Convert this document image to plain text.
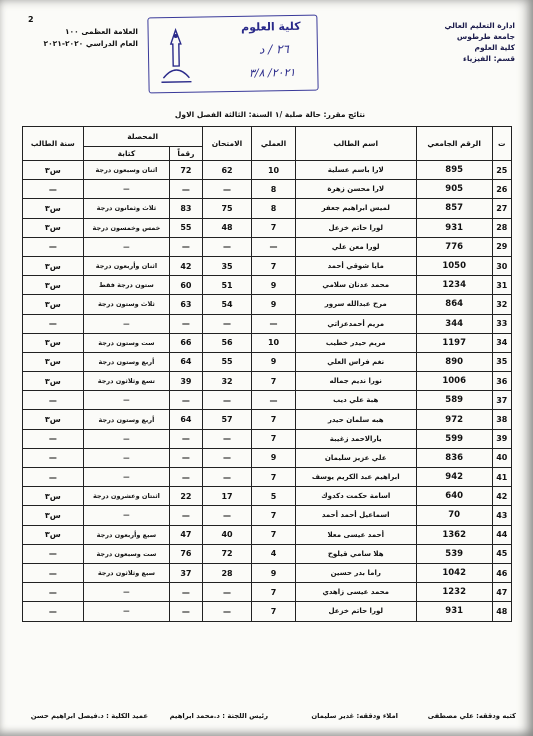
ادارة التعليم العالي
جامعة طرطوس
كلية العلوم
قسم: الفيزياء
2
العلامة العظمى ١٠٠
العام الدراسي ٢٠٢٠-٢٠٢١
كلية العلوم
٢٦ / د
٢٠٢١/ ٣/٨
نتائج مقرر: حالة صلبة /١ السنة: الثالثة الفصل الاول
ت	الرقم الجامعي	اسم الطالب	العملي	الامتحان	المحصلة		سنة الطالب
					رقماً	كتابة	
25	895	لارا باسم عسلية	10	62	72	اثنان وسبعون درجة	س٣
26	905	لارا محسن زهرة	8	—	—	—	—
27	857	لميس ابراهيم جعفر	8	75	83	ثلاث وثمانون درجة	س٣
28	931	لورا حاتم خزعل	7	48	55	خمس وخمسون درجة	س٣
29	776	لورا معن علي	—	—	—	—	—
30	1050	مايا شوقي أحمد	7	35	42	اثنان وأربعون درجة	س٣
31	1234	محمد عدنان سلامي	9	51	60	ستون درجة فقط	س٣
32	864	مرح عبدالله سرور	9	54	63	ثلاث وستون درجة	س٣
33	344	مريم أحمدعزاتي	—	—	—	—	—
34	1197	مريم حيدر خطيب	10	56	66	ست وستون درجة	س٣
35	890	نغم فراس العلي	9	55	64	أربع وستون درجة	س٣
36	1006	نورا نديم جماله	7	32	39	تسع وثلاثون درجة	س٣
37	589	هبة علي ديب	—	—	—	—	—
38	972	هبه سلمان حيدر	7	57	64	أربع وستون درجة	س٣
39	599	يارالاحمد زغيبة	7	—	—	—	—
40	836	علي عزيز سليمان	9	—	—	—	—
41	942	ابراهيم عبد الكريم يوسف	7	—	—	—	—
42	640	اسامة حكمت دكدوك	5	17	22	اثنتان وعشرون درجة	س٣
43	70	اسماعيل أحمد أحمد	7	—	—	—	س٣
44	1362	أحمد عيسى معلا	7	40	47	سبع وأربعون درجة	س٣
45	539	هلا سامي قيلوح	4	72	76	ست وسبعون درجة	—
46	1042	راما بدر حسين	9	28	37	سبع وثلاثون درجة	—
47	1232	محمد عيسى زاهدي	7	—	—	—	—
48	931	لورا حاتم خزعل	7	—	—	—	—
كتبه ودققه: علي مصطفى
املاء ودققه: غدير سليمان
رئيس اللجنة : د.محمد ابراهيم
عميد الكلية : د.فيصل ابراهيم حسن
